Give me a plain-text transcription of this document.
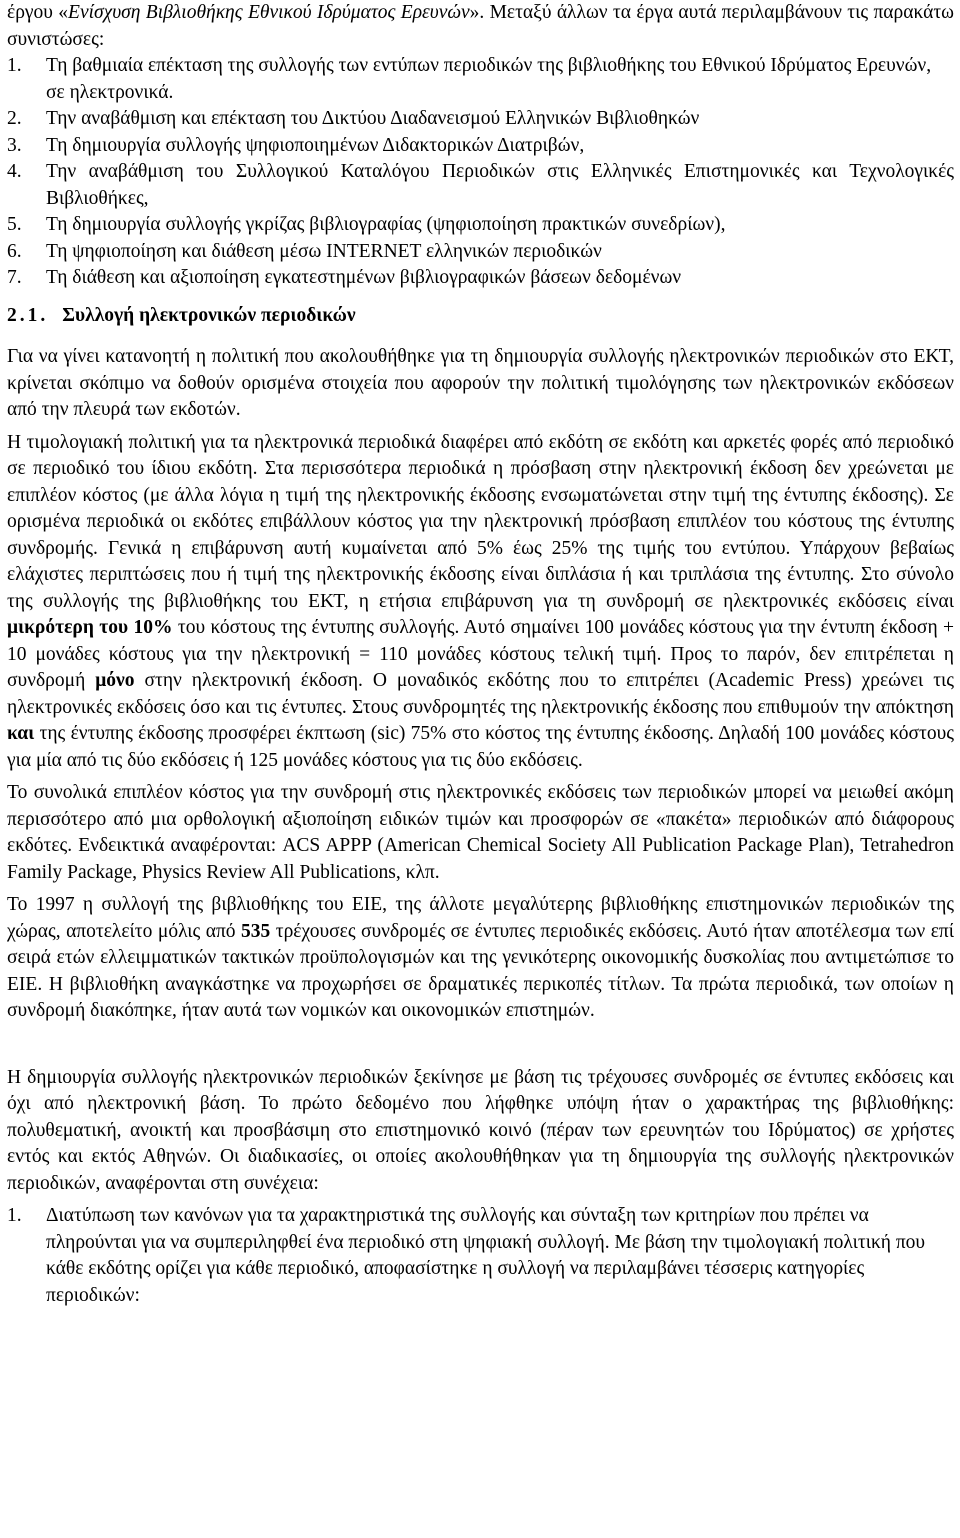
έργου «Ενίσχυση Βιβλιοθήκης Εθνικού Ιδρύματος Ερευνών». Μεταξύ άλλων τα έργα αυτά περιλαμβάνουν τις παρακάτω συνιστώσες:

1. Τη βαθμιαία επέκταση της συλλογής των εντύπων περιοδικών της βιβλιοθήκης του Εθνικού Ιδρύματος Ερευνών, σε ηλεκτρονικά.
2. Την αναβάθμιση και επέκταση του Δικτύου Διαδανεισμού Ελληνικών Βιβλιοθηκών
3. Τη δημιουργία συλλογής ψηφιοποιημένων Διδακτορικών Διατριβών,
4. Την αναβάθμιση του Συλλογικού Καταλόγου Περιοδικών στις Ελληνικές Επιστημονικές και Τεχνολογικές Βιβλιοθήκες,
5. Τη δημιουργία συλλογής γκρίζας βιβλιογραφίας (ψηφιοποίηση πρακτικών συνεδρίων),
6. Τη ψηφιοποίηση και διάθεση μέσω INTERNET ελληνικών περιοδικών
7. Τη διάθεση και αξιοποίηση εγκατεστημένων βιβλιογραφικών βάσεων δεδομένων
2.1. Συλλογή ηλεκτρονικών περιοδικών

Για να γίνει κατανοητή η πολιτική που ακολουθήθηκε για τη δημιουργία συλλογής ηλεκτρονικών περιοδικών στο ΕΚΤ, κρίνεται σκόπιμο να δοθούν ορισμένα στοιχεία που αφορούν την πολιτική τιμολόγησης των ηλεκτρονικών εκδόσεων από την πλευρά των εκδοτών.

Η τιμολογιακή πολιτική για τα ηλεκτρονικά περιοδικά διαφέρει από εκδότη σε εκδότη και αρκετές φορές από περιοδικό σε περιοδικό του ίδιου εκδότη. Στα περισσότερα περιοδικά η πρόσβαση στην ηλεκτρονική έκδοση δεν χρεώνεται με επιπλέον κόστος (με άλλα λόγια η τιμή της ηλεκτρονικής έκδοσης ενσωματώνεται στην τιμή της έντυπης έκδοσης). Σε ορισμένα περιοδικά οι εκδότες επιβάλλουν κόστος για την ηλεκτρονική πρόσβαση επιπλέον του κόστους της έντυπης συνδρομής. Γενικά η επιβάρυνση αυτή κυμαίνεται από 5% έως 25% της τιμής του εντύπου. Υπάρχουν βεβαίως ελάχιστες περιπτώσεις που ή τιμή της ηλεκτρονικής έκδοσης είναι διπλάσια ή και τριπλάσια της έντυπης. Στο σύνολο της συλλογής της βιβλιοθήκης του ΕΚΤ, η ετήσια επιβάρυνση για τη συνδρομή σε ηλεκτρονικές εκδόσεις είναι μικρότερη του 10% του κόστους της έντυπης συλλογής. Αυτό σημαίνει 100 μονάδες κόστους για την έντυπη έκδοση + 10 μονάδες κόστους για την ηλεκτρονική = 110 μονάδες κόστους τελική τιμή. Προς το παρόν, δεν επιτρέπεται η συνδρομή μόνο στην ηλεκτρονική έκδοση. Ο μοναδικός εκδότης που το επιτρέπει (Academic Press) χρεώνει τις ηλεκτρονικές εκδόσεις όσο και τις έντυπες. Στους συνδρομητές της ηλεκτρονικής έκδοσης που επιθυμούν την απόκτηση και της έντυπης έκδοσης προσφέρει έκπτωση (sic) 75% στο κόστος της έντυπης έκδοσης. Δηλαδή 100 μονάδες κόστους για μία από τις δύο εκδόσεις ή 125 μονάδες κόστους για τις δύο εκδόσεις.

Το συνολικά επιπλέον κόστος για την συνδρομή στις ηλεκτρονικές εκδόσεις των περιοδικών μπορεί να μειωθεί ακόμη περισσότερο από μια ορθολογική αξιοποίηση ειδικών τιμών και προσφορών σε «πακέτα» περιοδικών από διάφορους εκδότες. Ενδεικτικά αναφέρονται: ACS APPP (American Chemical Society All Publication Package Plan), Tetrahedron Family Package, Physics Review All Publications, κλπ.

Το 1997 η συλλογή της βιβλιοθήκης του ΕΙΕ, της άλλοτε μεγαλύτερης βιβλιοθήκης επιστημονικών περιοδικών της χώρας, αποτελείτο μόλις από 535 τρέχουσες συνδρομές σε έντυπες περιοδικές εκδόσεις. Αυτό ήταν αποτέλεσμα των επί σειρά ετών ελλειμματικών τακτικών προϋπολογισμών και της γενικότερης οικονομικής δυσκολίας που αντιμετώπισε το ΕΙΕ. Η βιβλιοθήκη αναγκάστηκε να προχωρήσει σε δραματικές περικοπές τίτλων. Τα πρώτα περιοδικά, των οποίων η συνδρομή διακόπηκε, ήταν αυτά των νομικών και οικονομικών επιστημών.

Η δημιουργία συλλογής ηλεκτρονικών περιοδικών ξεκίνησε με βάση τις τρέχουσες συνδρομές σε έντυπες εκδόσεις και όχι από ηλεκτρονική βάση. Το πρώτο δεδομένο που λήφθηκε υπόψη ήταν ο χαρακτήρας της βιβλιοθήκης: πολυθεματική, ανοικτή και προσβάσιμη στο επιστημονικό κοινό (πέραν των ερευνητών του Ιδρύματος) σε χρήστες εντός και εκτός Αθηνών. Οι διαδικασίες, οι οποίες ακολουθήθηκαν για τη δημιουργία της συλλογής ηλεκτρονικών περιοδικών, αναφέρονται στη συνέχεια:

1. Διατύπωση των κανόνων για τα χαρακτηριστικά της συλλογής και σύνταξη των κριτηρίων που πρέπει να πληρούνται για να συμπεριληφθεί ένα περιοδικό στη ψηφιακή συλλογή. Με βάση την τιμολογιακή πολιτική που κάθε εκδότης ορίζει για κάθε περιοδικό, αποφασίστηκε η συλλογή να περιλαμβάνει τέσσερις κατηγορίες περιοδικών:
